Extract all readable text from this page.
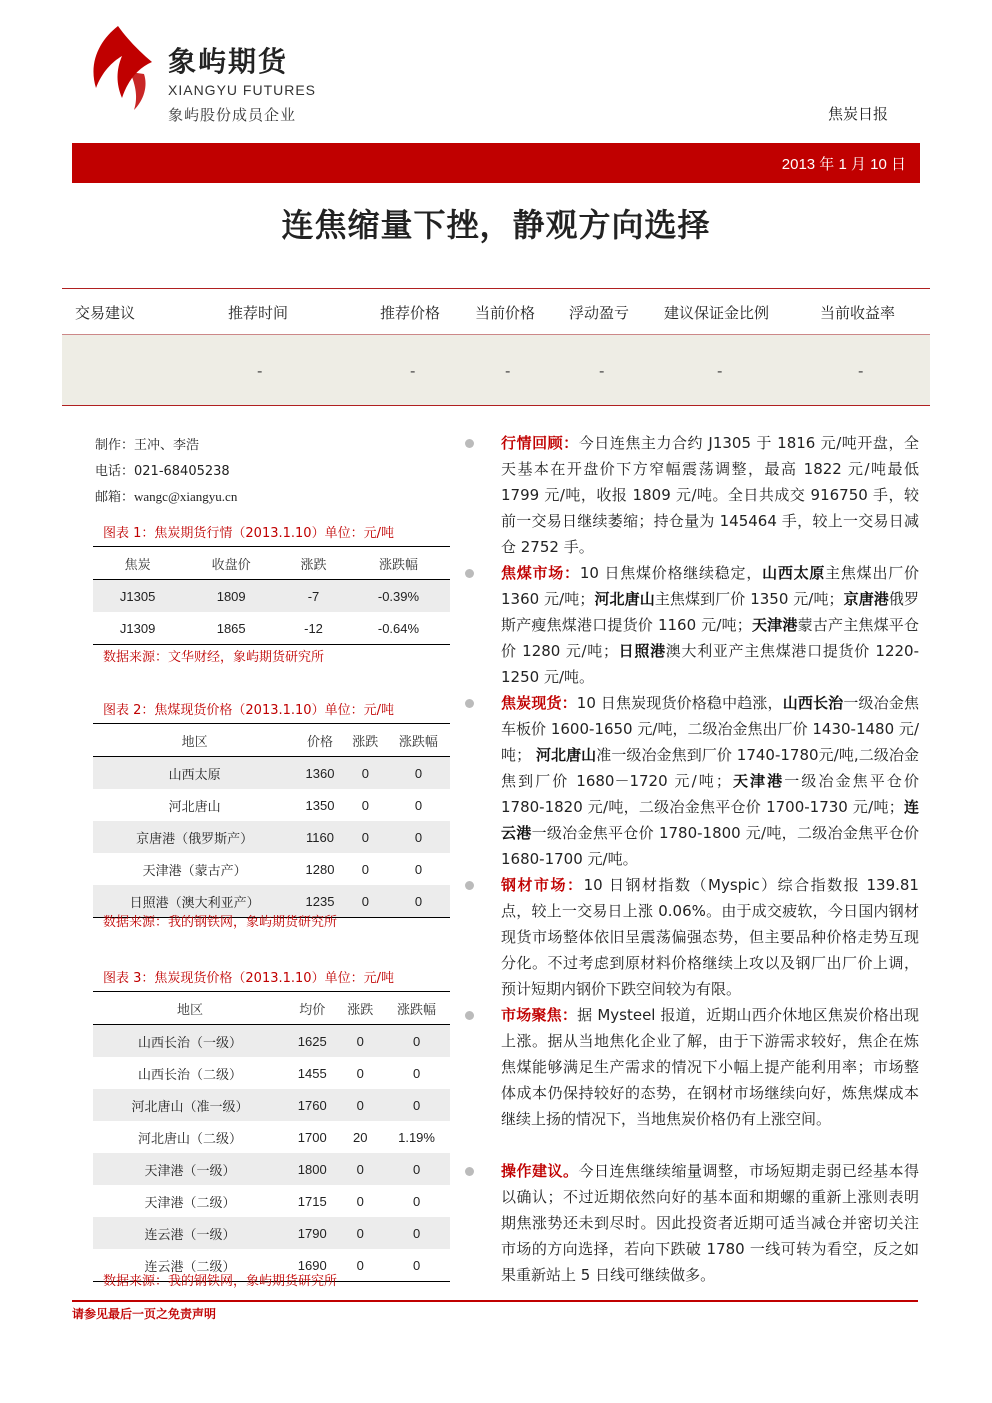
象屿期货
XIANGYU FUTURES
象屿股份成员企业	焦炭日报
2013 年 1 月 10 日
连焦缩量下挫，静观方向选择
交易建议	推荐时间	推荐价格 当前价格 浮动盈亏 建议保证金比例	当前收益率
-	-	-	-	-	-
制作：王冲、李浩
电话：021-68405238
邮箱：wangc@xiangyu.cn
图表 1：焦炭期货行情（2013.1.10）单位：元/吨
焦炭	收盘价	涨跌	涨跌幅
J1305	1809	-7	-0.39%
J1309	1865	-12	-0.64%
数据来源：文华财经，象屿期货研究所
图表 2：焦煤现货价格（2013.1.10）单位：元/吨
地区	价格	涨跌	涨跌幅
山西太原	1360	0	0
河北唐山	1350	0	0
京唐港（俄罗斯产）	1160	0	0
天津港（蒙古产）	1280	0	0
日照港（澳大利亚产）	1235	0	0
数据来源：我的钢铁网，象屿期货研究所
图表 3：焦炭现货价格（2013.1.10）单位：元/吨
地区	均价	涨跌	涨跌幅
山西长治（一级）	1625	0	0
山西长治（二级）	1455	0	0
河北唐山（准一级）	1760	0	0
河北唐山（二级）	1700	20	1.19%
天津港（一级）	1800	0	0
天津港（二级）	1715	0	0
连云港（一级）	1790	0	0
连云港（二级）	1690	0	0
数据来源：我的钢铁网，象屿期货研究所
行情回顾：今日连焦主力合约 J1305 于 1816 元/吨开盘，全天基本在开盘价下方窄幅震荡调整，最高 1822 元/吨最低 1799 元/吨，收报 1809 元/吨。全日共成交 916750 手，较前一交易日继续萎缩；持仓量为 145464 手，较上一交易日减仓 2752 手。
焦煤市场：10 日焦煤价格继续稳定，山西太原主焦煤出厂价 1360 元/吨；河北唐山主焦煤到厂价 1350 元/吨；京唐港俄罗斯产瘦焦煤港口提货价 1160 元/吨；天津港蒙古产主焦煤平仓价 1280 元/吨；日照港澳大利亚产主焦煤港口提货价 1220-1250 元/吨。
焦炭现货：10 日焦炭现货价格稳中趋涨，山西长治一级冶金焦车板价 1600-1650 元/吨，二级冶金焦出厂价 1430-1480 元/吨； 河北唐山准一级冶金焦到厂价 1740-1780元/吨,二级冶金焦到厂价 1680－1720 元/吨；天津港一级冶金焦平仓价 1780-1820 元/吨，二级冶金焦平仓价 1700-1730 元/吨；连云港一级冶金焦平仓价 1780-1800 元/吨，二级冶金焦平仓价 1680-1700 元/吨。
钢材市场：10 日钢材指数（Myspic）综合指数报 139.81 点，较上一交易日上涨 0.06%。由于成交疲软，今日国内钢材现货市场整体依旧呈震荡偏强态势，但主要品种价格走势互现分化。不过考虑到原材料价格继续上攻以及钢厂出厂价上调，预计短期内钢价下跌空间较为有限。
市场聚焦：据 Mysteel 报道，近期山西介休地区焦炭价格出现上涨。据从当地焦化企业了解，由于下游需求较好，焦企在炼焦煤能够满足生产需求的情况下小幅上提产能利用率；市场整体成本仍保持较好的态势，在钢材市场继续向好，炼焦煤成本继续上扬的情况下，当地焦炭价格仍有上涨空间。
操作建议。今日连焦继续缩量调整，市场短期走弱已经基本得以确认；不过近期依然向好的基本面和期螺的重新上涨则表明期焦涨势还未到尽时。因此投资者近期可适当减仓并密切关注市场的方向选择，若向下跌破 1780 一线可转为看空，反之如果重新站上 5 日线可继续做多。
请参见最后一页之免责声明
